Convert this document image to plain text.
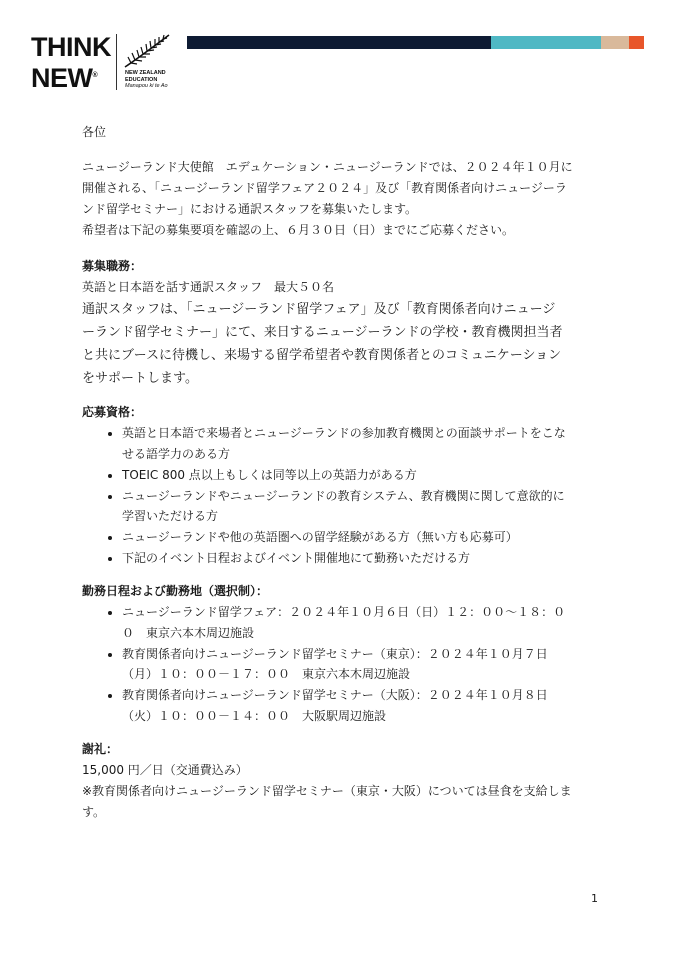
THINK
NEW®	NEW ZEALAND
EDUCATION
Manapou ki te Ao
各位
ニュージーランド大使館　エデュケーション・ニュージーランドでは、２０２４年１０月に
開催される、「ニュージーランド留学フェア２０２４」及び「教育関係者向けニュージーラ
ンド留学セミナー」における通訳スタッフを募集いたします。
希望者は下記の募集要項を確認の上、６月３０日（日）までにご応募ください。
募集職務：
英語と日本語を話す通訳スタッフ　最大５０名
通訳スタッフは、「ニュージーランド留学フェア」及び「教育関係者向けニュージ
ーランド留学セミナー」にて、来日するニュージーランドの学校・教育機関担当者
と共にブースに待機し、来場する留学希望者や教育関係者とのコミュニケーション
をサポートします。
応募資格：
• 英語と日本語で来場者とニュージーランドの参加教育機関との面談サポートをこな
せる語学力のある方
• TOEIC 800 点以上もしくは同等以上の英語力がある方
• ニュージーランドやニュージーランドの教育システム、教育機関に関して意欲的に
学習いただける方
• ニュージーランドや他の英語圏への留学経験がある方（無い方も応募可）
• 下記のイベント日程およびイベント開催地にて勤務いただける方
勤務日程および勤務地（選択制）：
• ニュージーランド留学フェア：２０２４年１０月６日（日）１２：００～１８：０
０　東京六本木周辺施設
• 教育関係者向けニュージーランド留学セミナー（東京）：２０２４年１０月７日
（月）１０：００－１７：００　東京六本木周辺施設
• 教育関係者向けニュージーランド留学セミナー（大阪）：２０２４年１０月８日
（火）１０：００－１４：００　大阪駅周辺施設
謝礼：
15,000 円／日（交通費込み）
※教育関係者向けニュージーランド留学セミナー（東京・大阪）については昼食を支給しま
す。
1
